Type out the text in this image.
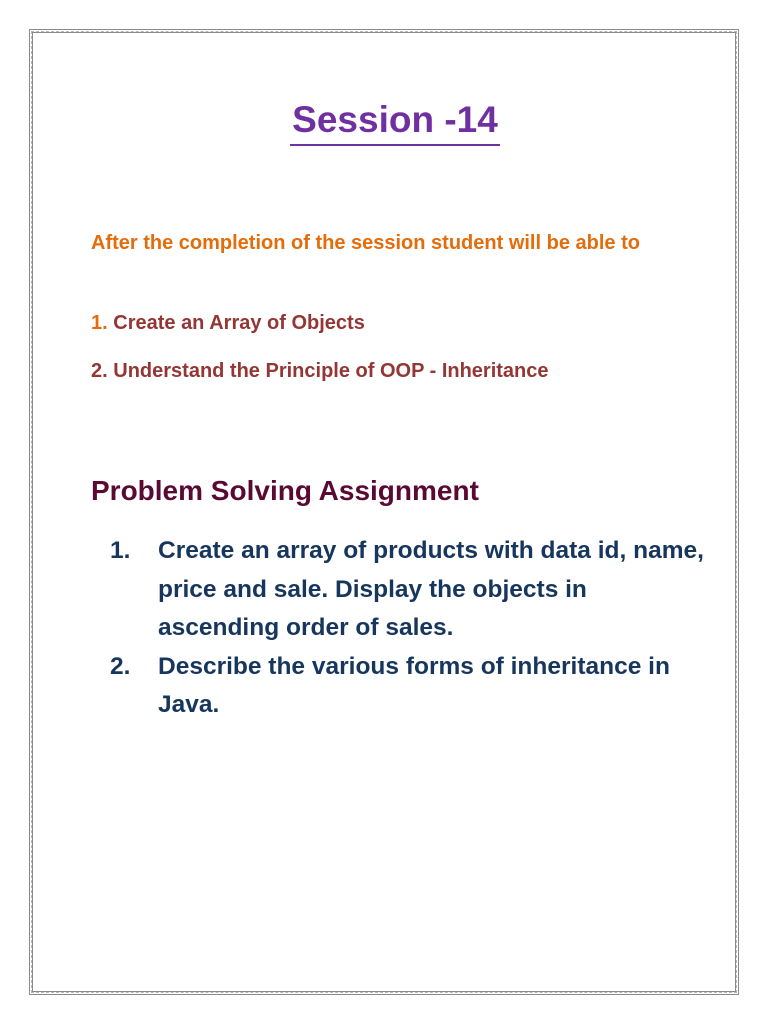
Session -14

After the completion of the session student will be able to

1. Create an Array of Objects

2. Understand the Principle of OOP - Inheritance

Problem Solving Assignment
1.	Create an array of products with data id, name, price and sale. Display the objects in ascending order of sales.
2.	Describe the various forms of inheritance in Java.
